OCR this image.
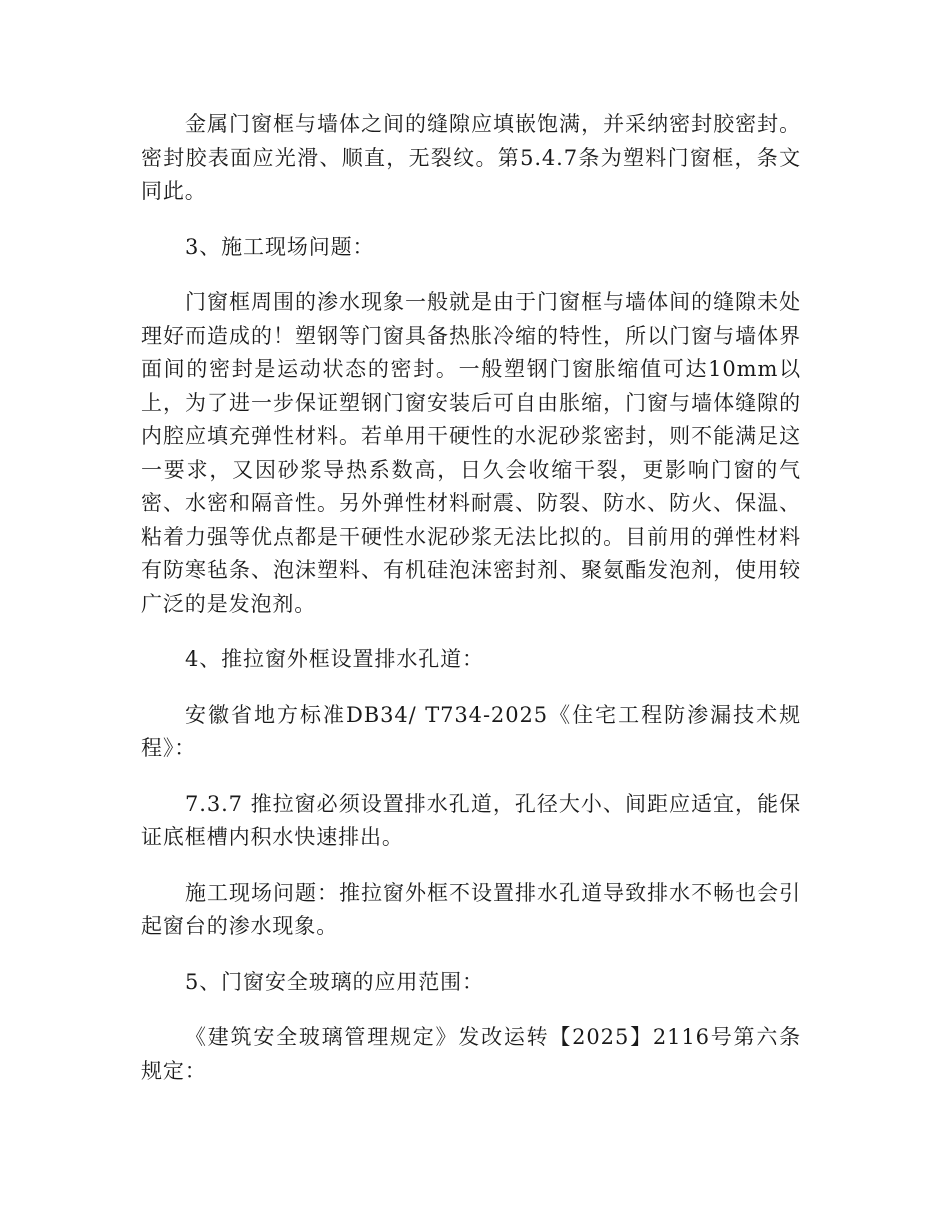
金属门窗框与墙体之间的缝隙应填嵌饱满，并采纳密封胶密封。密封胶表面应光滑、顺直，无裂纹。第5.4.7条为塑料门窗框，条文同此。

3、施工现场问题：

门窗框周围的渗水现象一般就是由于门窗框与墙体间的缝隙未处理好而造成的！塑钢等门窗具备热胀冷缩的特性，所以门窗与墙体界面间的密封是运动状态的密封。一般塑钢门窗胀缩值可达10mm以上，为了进一步保证塑钢门窗安装后可自由胀缩，门窗与墙体缝隙的内腔应填充弹性材料。若单用干硬性的水泥砂浆密封，则不能满足这一要求，又因砂浆导热系数高，日久会收缩干裂，更影响门窗的气密、水密和隔音性。另外弹性材料耐震、防裂、防水、防火、保温、粘着力强等优点都是干硬性水泥砂浆无法比拟的。目前用的弹性材料有防寒毡条、泡沫塑料、有机硅泡沫密封剂、聚氨酯发泡剂，使用较广泛的是发泡剂。

4、推拉窗外框设置排水孔道：

安徽省地方标准DB34/ T734-2025《住宅工程防渗漏技术规程》：

7.3.7 推拉窗必须设置排水孔道，孔径大小、间距应适宜，能保证底框槽内积水快速排出。

施工现场问题：推拉窗外框不设置排水孔道导致排水不畅也会引起窗台的渗水现象。

5、门窗安全玻璃的应用范围：

《建筑安全玻璃管理规定》发改运转【2025】2116号第六条规定：
